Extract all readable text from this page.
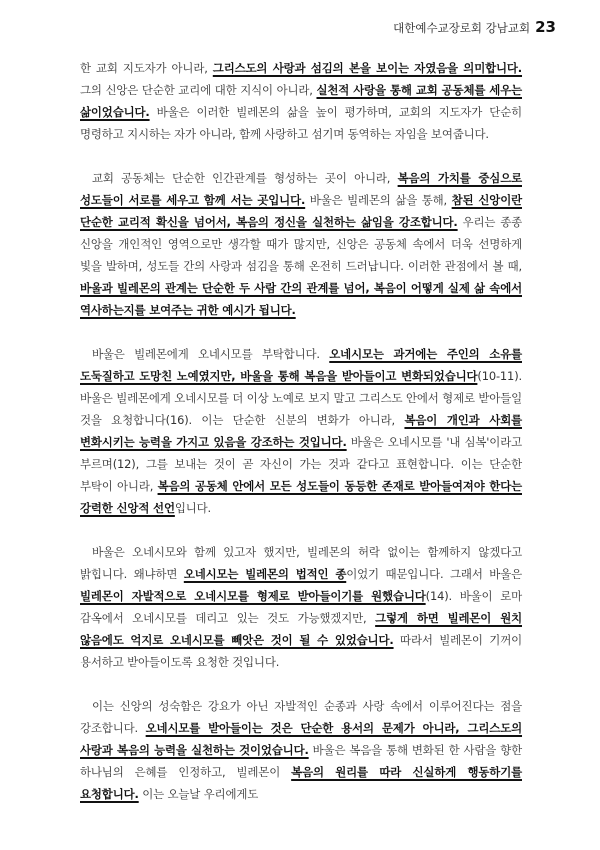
대한예수교장로회 강남교회 23

한 교회 지도자가 아니라, 그리스도의 사랑과 섬김의 본을 보이는 자였음을 의미합니다. 그의 신앙은 단순한 교리에 대한 지식이 아니라, 실천적 사랑을 통해 교회 공동체를 세우는 삶이었습니다. 바울은 이러한 빌레몬의 삶을 높이 평가하며, 교회의 지도자가 단순히 명령하고 지시하는 자가 아니라, 함께 사랑하고 섬기며 동역하는 자임을 보여줍니다.

교회 공동체는 단순한 인간관계를 형성하는 곳이 아니라, 복음의 가치를 중심으로 성도들이 서로를 세우고 함께 서는 곳입니다. 바울은 빌레몬의 삶을 통해, 참된 신앙이란 단순한 교리적 확신을 넘어서, 복음의 정신을 실천하는 삶임을 강조합니다. 우리는 종종 신앙을 개인적인 영역으로만 생각할 때가 많지만, 신앙은 공동체 속에서 더욱 선명하게 빛을 발하며, 성도들 간의 사랑과 섬김을 통해 온전히 드러납니다. 이러한 관점에서 볼 때, 바울과 빌레몬의 관계는 단순한 두 사람 간의 관계를 넘어, 복음이 어떻게 실제 삶 속에서 역사하는지를 보여주는 귀한 예시가 됩니다.

바울은 빌레몬에게 오네시모를 부탁합니다. 오네시모는 과거에는 주인의 소유를 도둑질하고 도망친 노예였지만, 바울을 통해 복음을 받아들이고 변화되었습니다(10-11). 바울은 빌레몬에게 오네시모를 더 이상 노예로 보지 말고 그리스도 안에서 형제로 받아들일 것을 요청합니다(16). 이는 단순한 신분의 변화가 아니라, 복음이 개인과 사회를 변화시키는 능력을 가지고 있음을 강조하는 것입니다. 바울은 오네시모를 '내 심복'이라고 부르며(12), 그를 보내는 것이 곧 자신이 가는 것과 같다고 표현합니다. 이는 단순한 부탁이 아니라, 복음의 공동체 안에서 모든 성도들이 동등한 존재로 받아들여져야 한다는 강력한 신앙적 선언입니다.

바울은 오네시모와 함께 있고자 했지만, 빌레몬의 허락 없이는 함께하지 않겠다고 밝힙니다. 왜냐하면 오네시모는 빌레몬의 법적인 종이었기 때문입니다. 그래서 바울은 빌레몬이 자발적으로 오네시모를 형제로 받아들이기를 원했습니다(14). 바울이 로마 감옥에서 오네시모를 데리고 있는 것도 가능했겠지만, 그렇게 하면 빌레몬이 원치 않음에도 억지로 오네시모를 빼앗은 것이 될 수 있었습니다. 따라서 빌레몬이 기꺼이 용서하고 받아들이도록 요청한 것입니다.

이는 신앙의 성숙함은 강요가 아닌 자발적인 순종과 사랑 속에서 이루어진다는 점을 강조합니다. 오네시모를 받아들이는 것은 단순한 용서의 문제가 아니라, 그리스도의 사랑과 복음의 능력을 실천하는 것이었습니다. 바울은 복음을 통해 변화된 한 사람을 향한 하나님의 은혜를 인정하고, 빌레몬이 복음의 원리를 따라 신실하게 행동하기를 요청합니다. 이는 오늘날 우리에게도
